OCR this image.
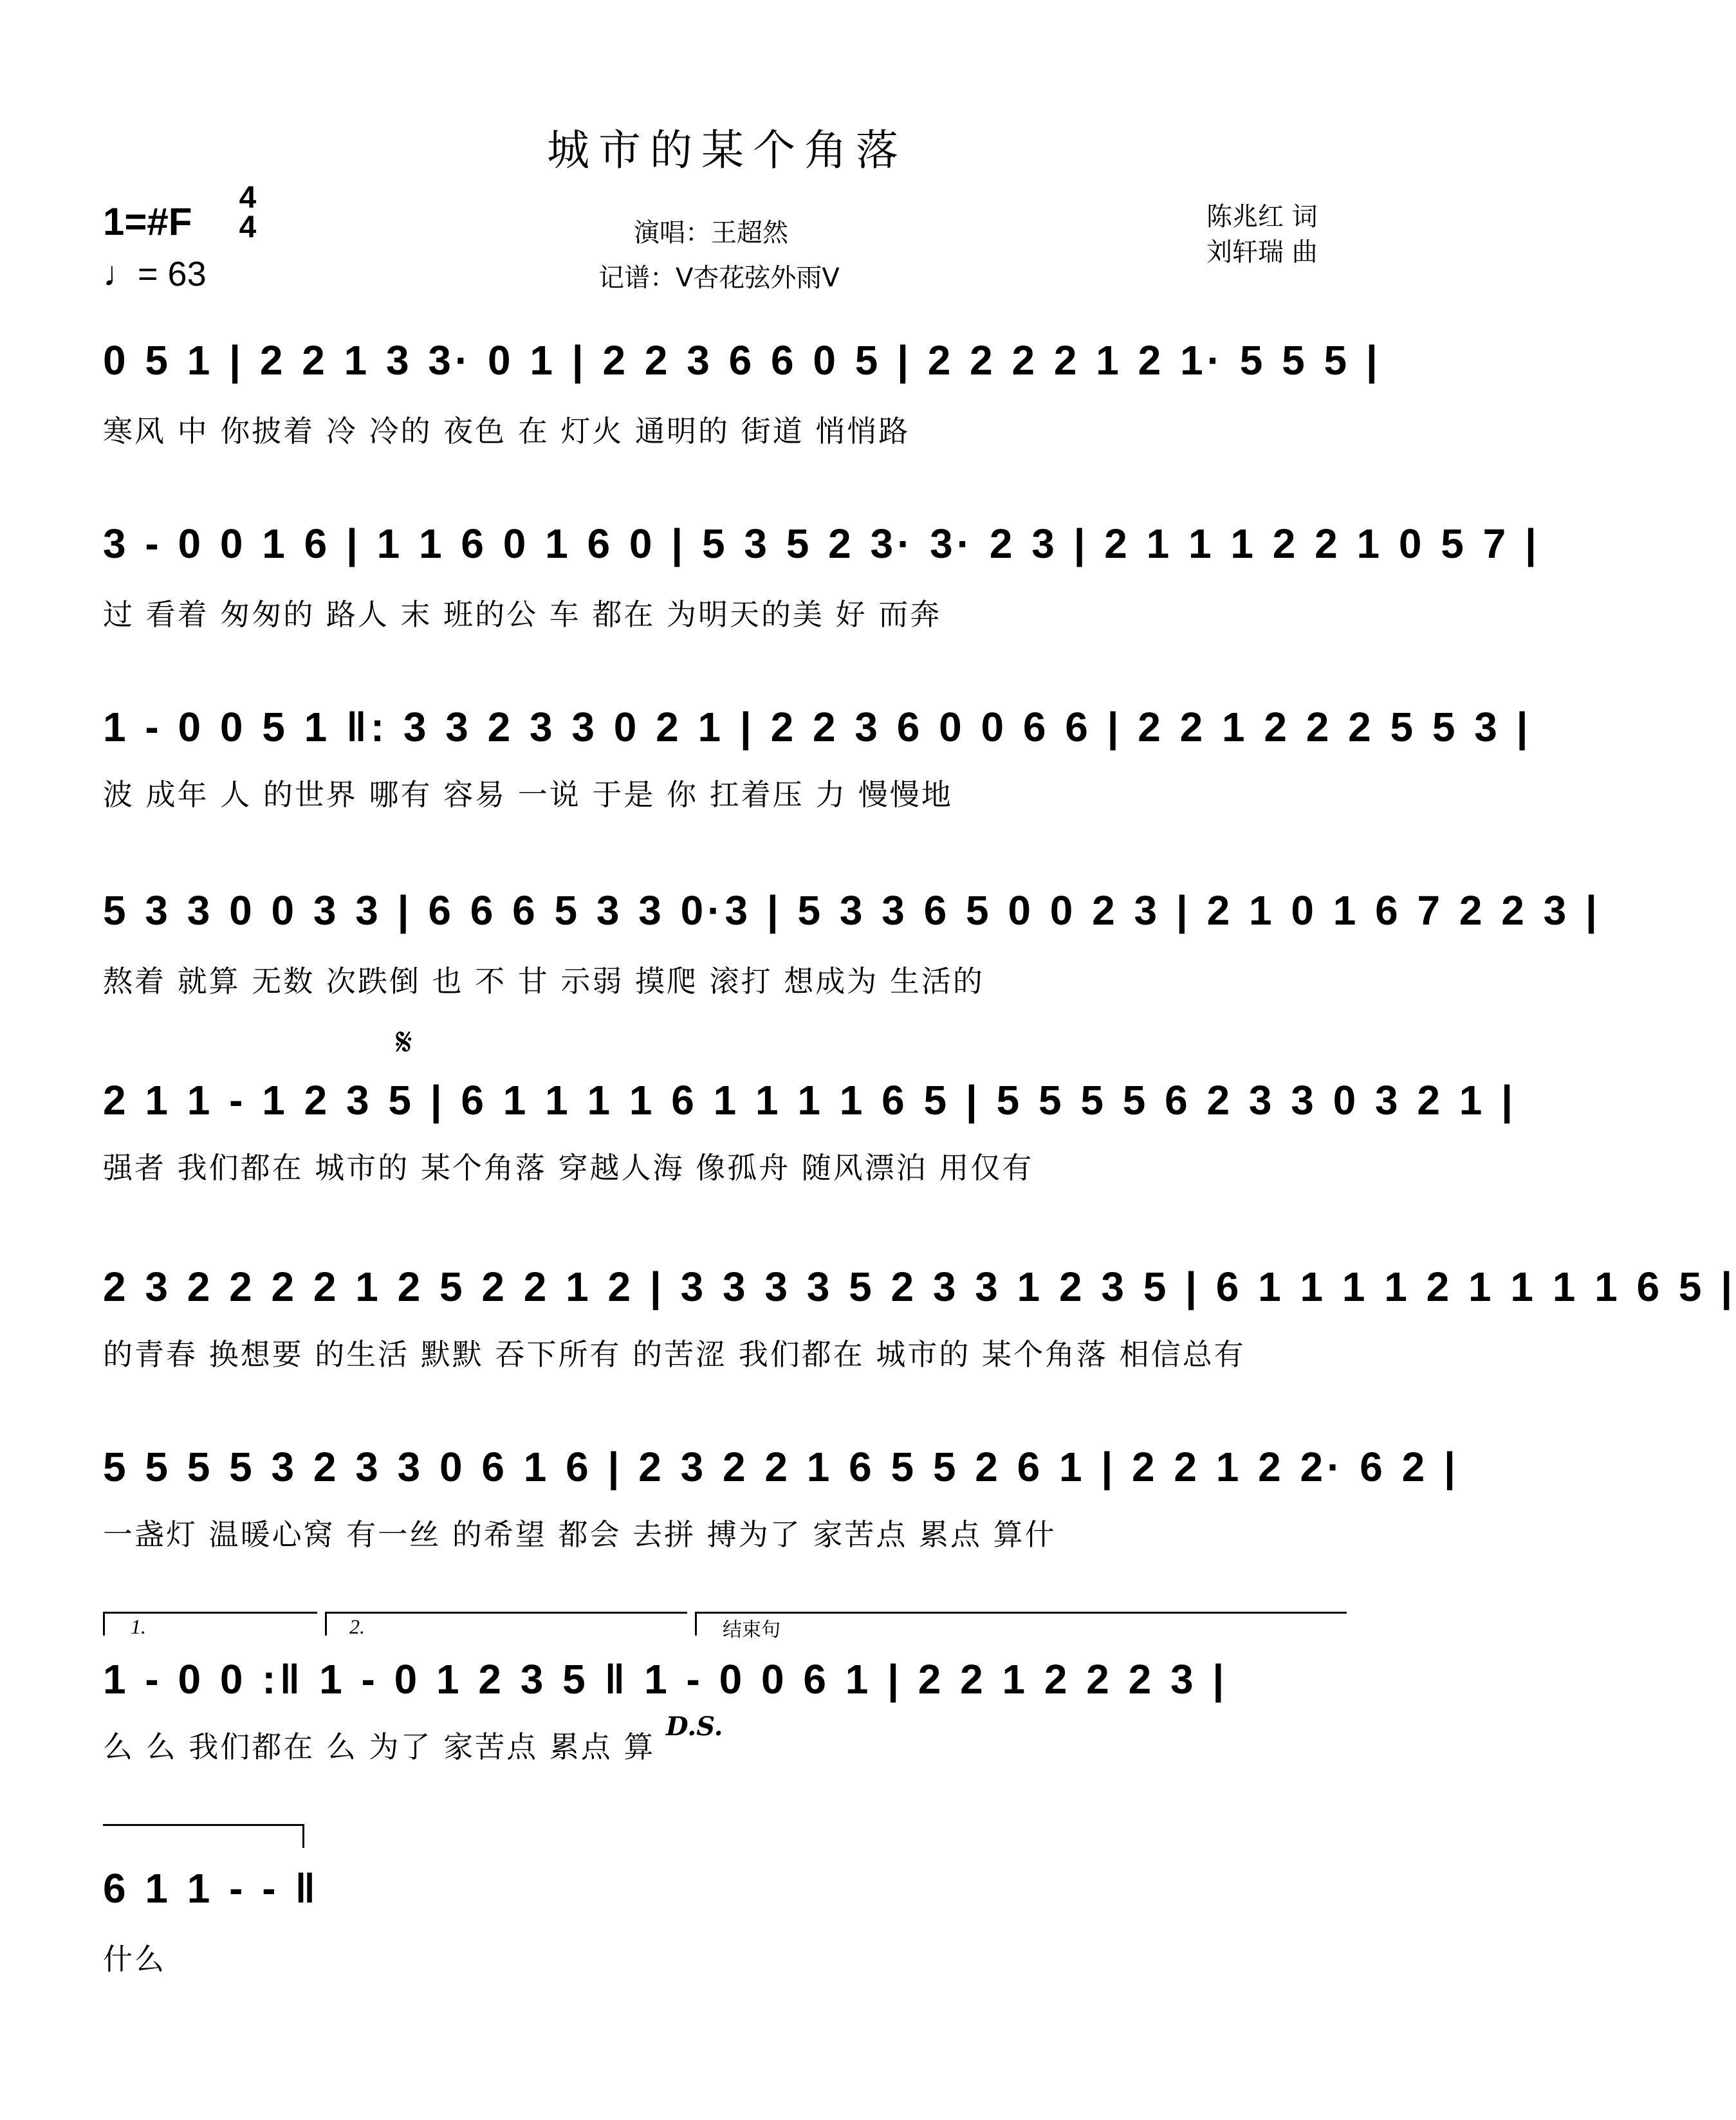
城市的某个角落
1=#F
4
4
♩= 63
演唱：王超然
记谱：V杏花弦外雨V
陈兆红 词
刘轩瑞 曲
0 5 1 | 2 2 1 3 3· 0 1 | 2 2 3 6 6 0 5 | 2 2 2 2 1 2 1· 5 5 5 |
寒风 中 你披着 冷 冷的 夜色 在 灯火 通明的 街道 悄悄路
3 - 0 0 1 6 | 1 1 6 0 1 6 0 | 5 3 5 2 3· 3· 2 3 | 2 1 1 1 2 2 1 0 5 7 |
过 看着 匆匆的 路人 末 班的公 车 都在 为明天的美 好 而奔
1 - 0 0 5 1 ‖: 3 3 2 3 3 0 2 1 | 2 2 3 6 0 0 6 6 | 2 2 1 2 2 2 5 5 3 |
波 成年 人 的世界 哪有 容易 一说 于是 你 扛着压 力 慢慢地
5 3 3 0 0 3 3 | 6 6 6 5 3 3 0·3 | 5 3 3 6 5 0 0 2 3 | 2 1 0 1 6 7 2 2 3 |
熬着 就算 无数 次跌倒 也 不 甘 示弱 摸爬 滚打 想成为 生活的
𝄋
2 1 1 - 1 2 3 5 | 6 1 1 1 1 6 1 1 1 1 6 5 | 5 5 5 5 6 2 3 3 0 3 2 1 |
强者 我们都在 城市的 某个角落 穿越人海 像孤舟 随风漂泊 用仅有
2 3 2 2 2 2 1 2 5 2 2 1 2 | 3 3 3 3 5 2 3 3 1 2 3 5 | 6 1 1 1 1 2 1 1 1 1 6 5 |
的青春 换想要 的生活 默默 吞下所有 的苦涩 我们都在 城市的 某个角落 相信总有
5 5 5 5 3 2 3 3 0 6 1 6 | 2 3 2 2 1 6 5 5 2 6 1 | 2 2 1 2 2· 6 2 |
一盏灯 温暖心窝 有一丝 的希望 都会 去拼 搏为了 家苦点 累点 算什
1.	2.	结束句
1 - 0 0 :‖ 1 - 0 1 2 3 5 ‖ 1 - 0 0 6 1 | 2 2 1 2 2 2 3 |
D.S.
么 么 我们都在 么 为了 家苦点 累点 算
6 1 1 - - ‖
什么
